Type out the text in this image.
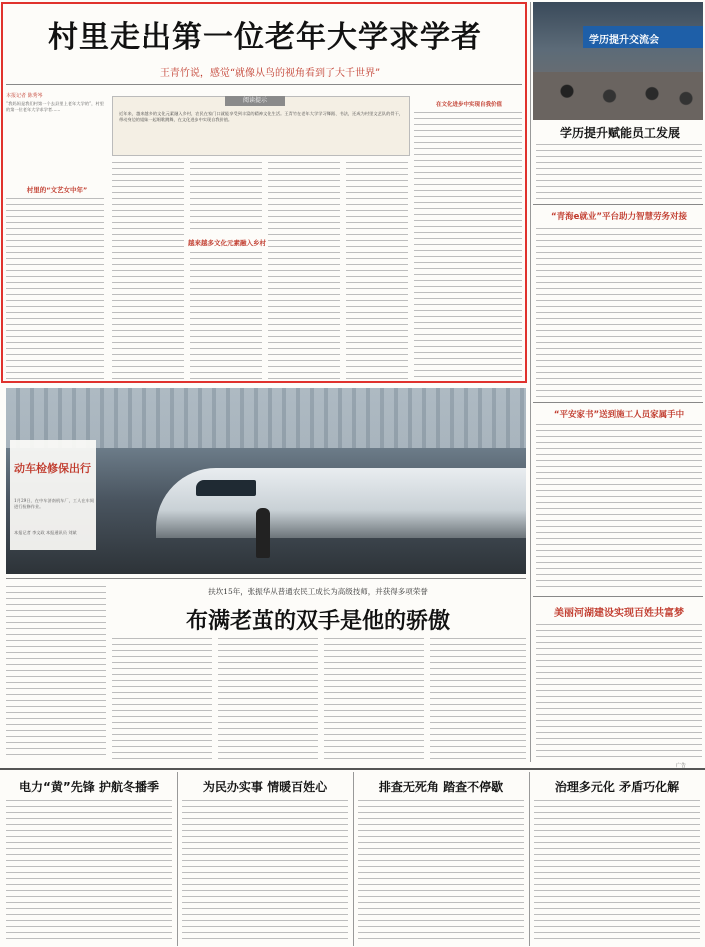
村里走出第一位老年大学求学者
王青竹说，感觉“就像从鸟的视角看到了大千世界”
本报记者 陈秀岑
“我妈妈是我们村第一个去县里上老年大学的”，村里的第一位老年大学求学者……
村里的“文艺女中年”
阅读提示
近年来，越来越多的文化元素融入乡村，农民在家门口就能享受到丰富的精神文化生活。王青竹在老年大学学习舞蹈、书法，还成为村里文艺队的骨干，带动身边的姐妹一起唱歌跳舞，在文化进步中实现自我价值。
越来越多文化元素融入乡村
在文化进步中实现自我价值
学历提升交流会
学历提升赋能员工发展
“青海e就业”平台助力智慧劳务对接
“平安家书”送到施工人员家属手中
美丽河湖建设实现百姓共富梦
动车检修保出行
1月29日，在中车济南机车厂，工人在车间进行检修作业。
本报记者 李文政 本报通讯员 刘斌
扶坎15年，张振华从普通农民工成长为高级技师，并获得多项荣誉
布满老茧的双手是他的骄傲
广告
电力“黄”先锋 护航冬播季	为民办实事 情暖百姓心	排查无死角 踏查不停歇	治理多元化 矛盾巧化解
